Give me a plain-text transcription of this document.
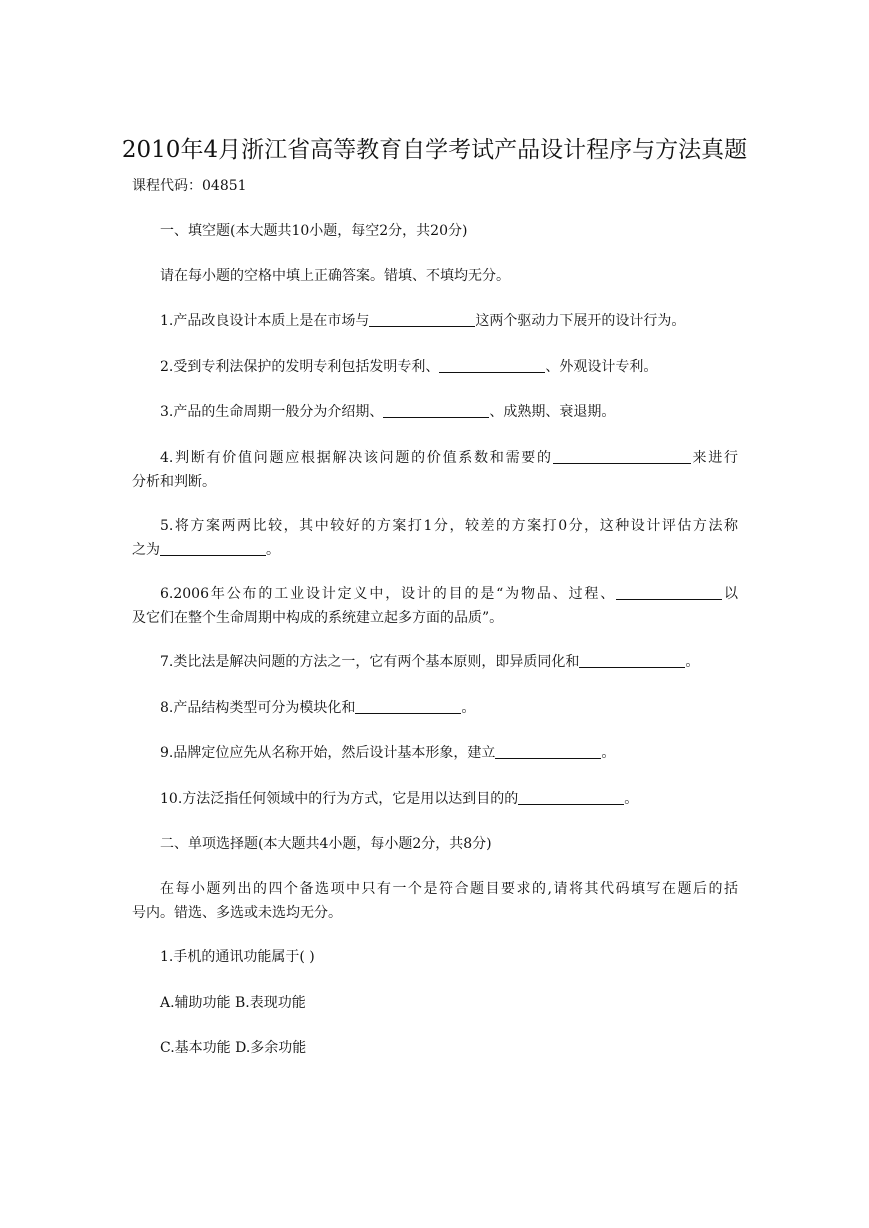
2010年4月浙江省高等教育自学考试产品设计程序与方法真题
课程代码：04851
一、填空题(本大题共10小题，每空2分，共20分)
请在每小题的空格中填上正确答案。错填、不填均无分。
1.产品改良设计本质上是在市场与	这两个驱动力下展开的设计行为。
2.受到专利法保护的发明专利包括发明专利、	、外观设计专利。
3.产品的生命周期一般分为介绍期、	、成熟期、衰退期。
4.判断有价值问题应根据解决该问题的价值系数和需要的	来进行
分析和判断。
5.将方案两两比较，其中较好的方案打1分，较差的方案打0分，这种设计评估方法称
之为	。
6.2006年公布的工业设计定义中，设计的目的是“为物品、过程、	以
及它们在整个生命周期中构成的系统建立起多方面的品质”。
7.类比法是解决问题的方法之一，它有两个基本原则，即异质同化和	。
8.产品结构类型可分为模块化和	。
9.品牌定位应先从名称开始，然后设计基本形象，建立	。
10.方法泛指任何领域中的行为方式，它是用以达到目的的	。
二、单项选择题(本大题共4小题，每小题2分，共8分)
在每小题列出的四个备选项中只有一个是符合题目要求的,请将其代码填写在题后的括
号内。错选、多选或未选均无分。
1.手机的通讯功能属于( )
A.辅助功能 B.表现功能
C.基本功能 D.多余功能
